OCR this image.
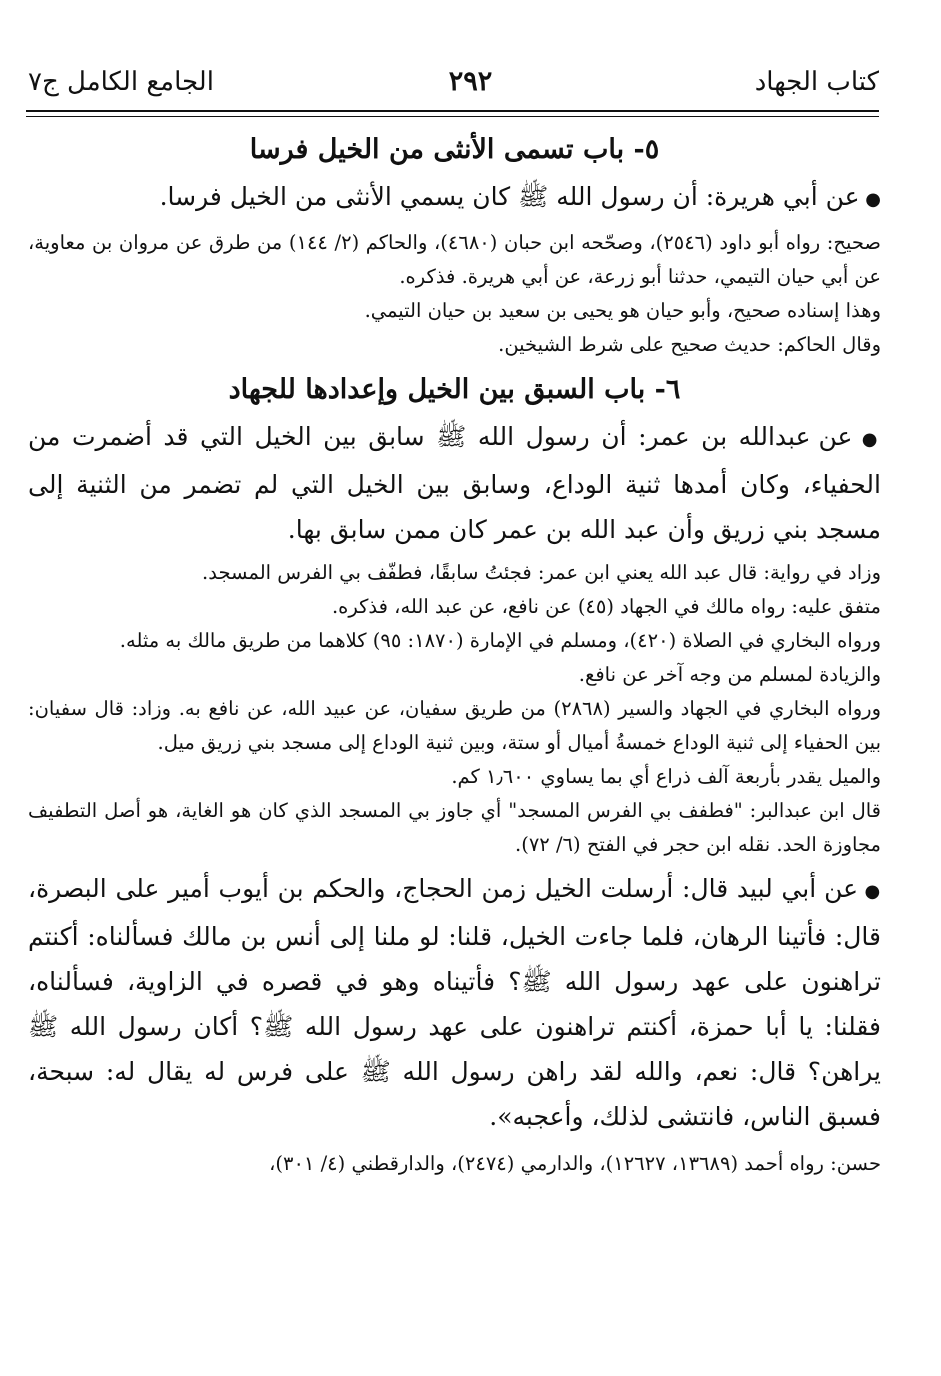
كتاب الجهاد
٢٩٢
الجامع الكامل ج٧
٥- باب تسمى الأنثى من الخيل فرسا

● عن أبي هريرة: أن رسول الله ﷺ كان يسمي الأنثى من الخيل فرسا.

صحيح: رواه أبو داود (٢٥٤٦)، وصحّحه ابن حبان (٤٦٨٠)، والحاكم (٢/ ١٤٤) من طرق عن مروان بن معاوية، عن أبي حيان التيمي، حدثنا أبو زرعة، عن أبي هريرة. فذكره.

وهذا إسناده صحيح، وأبو حيان هو يحيى بن سعيد بن حيان التيمي.

وقال الحاكم: حديث صحيح على شرط الشيخين.

٦- باب السبق بين الخيل وإعدادها للجهاد

● عن عبدالله بن عمر: أن رسول الله ﷺ سابق بين الخيل التي قد أضمرت من الحفياء، وكان أمدها ثنية الوداع، وسابق بين الخيل التي لم تضمر من الثنية إلى مسجد بني زريق وأن عبد الله بن عمر كان ممن سابق بها.

وزاد في رواية: قال عبد الله يعني ابن عمر: فجئتُ سابقًا، فطفّف بي الفرس المسجد.

متفق عليه: رواه مالك في الجهاد (٤٥) عن نافع، عن عبد الله، فذكره.

ورواه البخاري في الصلاة (٤٢٠)، ومسلم في الإمارة (١٨٧٠: ٩٥) كلاهما من طريق مالك به مثله.

والزيادة لمسلم من وجه آخر عن نافع.

ورواه البخاري في الجهاد والسير (٢٨٦٨) من طريق سفيان، عن عبيد الله، عن نافع به. وزاد: قال سفيان: بين الحفياء إلى ثنية الوداع خمسةُ أميال أو ستة، وبين ثنية الوداع إلى مسجد بني زريق ميل.

والميل يقدر بأربعة آلف ذراع أي بما يساوي ١٫٦٠٠ كم.

قال ابن عبدالبر: "فطفف بي الفرس المسجد" أي جاوز بي المسجد الذي كان هو الغاية، هو أصل التطفيف مجاوزة الحد. نقله ابن حجر في الفتح (٦/ ٧٢).

● عن أبي لبيد قال: أرسلت الخيل زمن الحجاج، والحكم بن أيوب أمير على البصرة، قال: فأتينا الرهان، فلما جاءت الخيل، قلنا: لو ملنا إلى أنس بن مالك فسألناه: أكنتم تراهنون على عهد رسول الله ﷺ؟ فأتيناه وهو في قصره في الزاوية، فسألناه، فقلنا: يا أبا حمزة، أكنتم تراهنون على عهد رسول الله ﷺ؟ أكان رسول الله ﷺ يراهن؟ قال: نعم، والله لقد راهن رسول الله ﷺ على فرس له يقال له: سبحة، فسبق الناس، فانتشى لذلك، وأعجبه».

حسن: رواه أحمد (١٣٦٨٩، ١٢٦٢٧)، والدارمي (٢٤٧٤)، والدارقطني (٤/ ٣٠١)،
